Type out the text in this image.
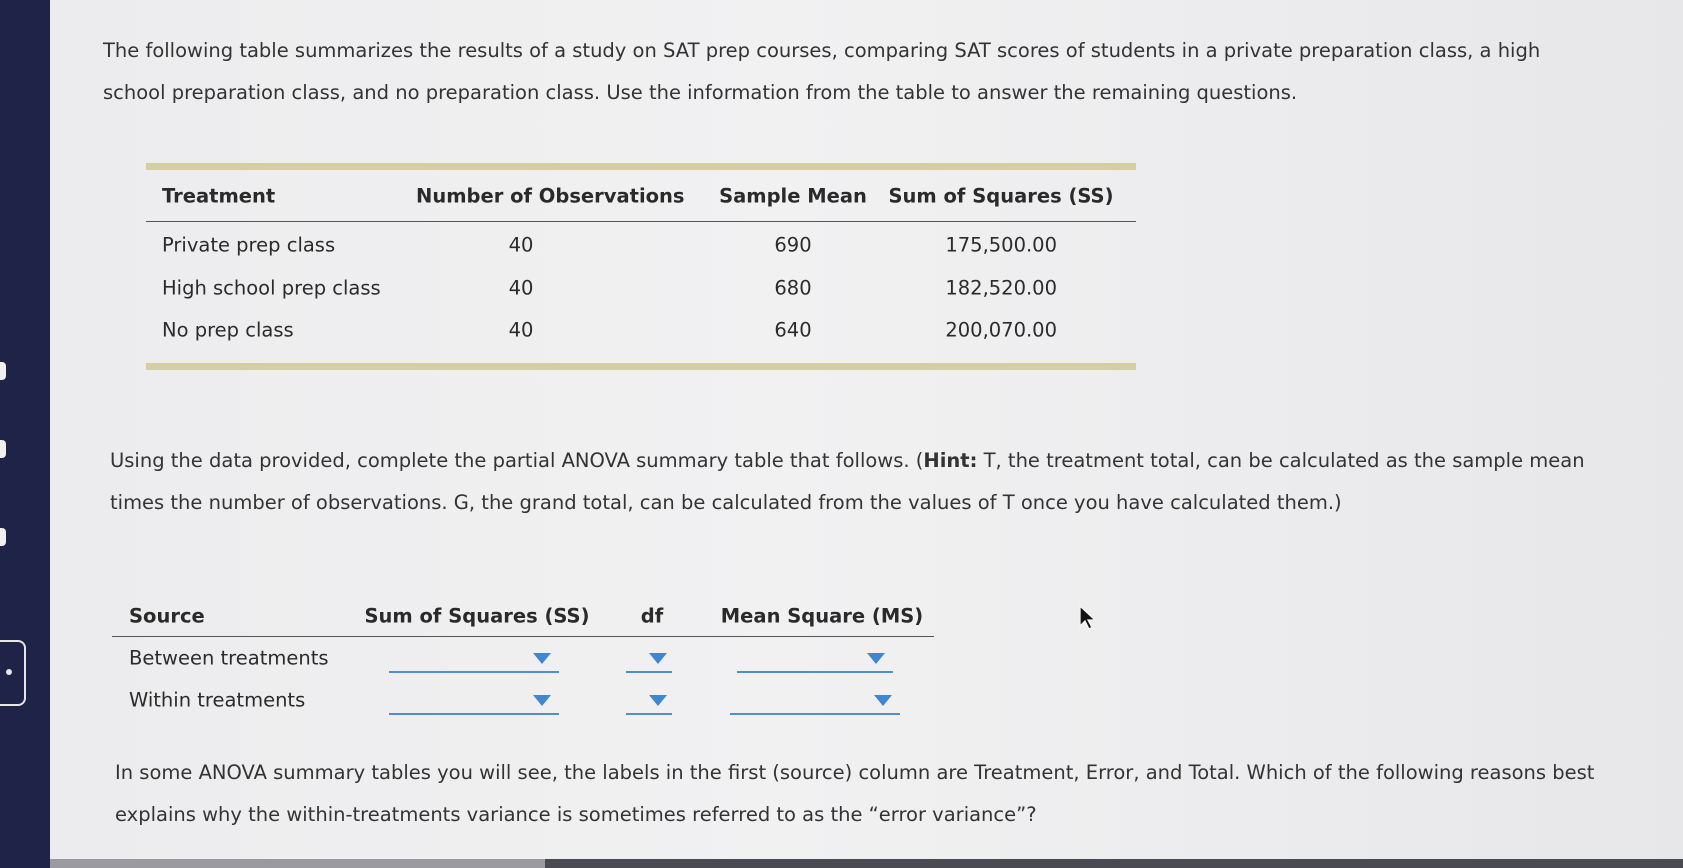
The following table summarizes the results of a study on SAT prep courses, comparing SAT scores of students in a private preparation class, a high school preparation class, and no preparation class. Use the information from the table to answer the remaining questions.
Treatment	Number of Observations	Sample Mean	Sum of Squares (SS)
Private prep class	40	690	175,500.00
High school prep class	40	680	182,520.00
No prep class	40	640	200,070.00
Using the data provided, complete the partial ANOVA summary table that follows. (Hint: T, the treatment total, can be calculated as the sample mean times the number of observations. G, the grand total, can be calculated from the values of T once you have calculated them.)
Source	Sum of Squares (SS)	df	Mean Square (MS)
Between treatments
Within treatments
In some ANOVA summary tables you will see, the labels in the first (source) column are Treatment, Error, and Total. Which of the following reasons best explains why the within-treatments variance is sometimes referred to as the “error variance”?
